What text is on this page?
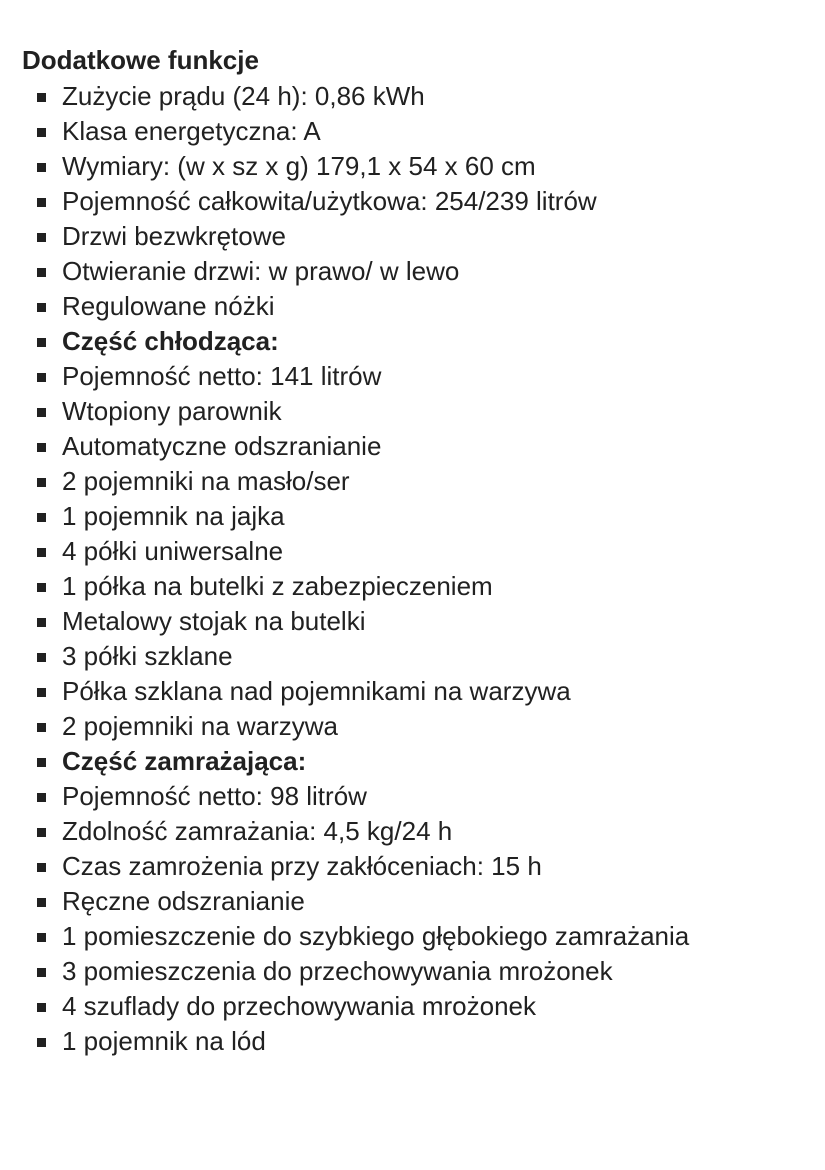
Dodatkowe funkcje
Zużycie prądu (24 h): 0,86 kWh
Klasa energetyczna: A
Wymiary: (w x sz x g) 179,1 x 54 x 60 cm
Pojemność całkowita/użytkowa: 254/239 litrów
Drzwi bezwkrętowe
Otwieranie drzwi: w prawo/ w lewo
Regulowane nóżki
Część chłodząca:
Pojemność netto: 141 litrów
Wtopiony parownik
Automatyczne odszranianie
2 pojemniki na masło/ser
1 pojemnik na jajka
4 półki uniwersalne
1 półka na butelki z zabezpieczeniem
Metalowy stojak na butelki
3 półki szklane
Półka szklana nad pojemnikami na warzywa
2 pojemniki na warzywa
Część zamrażająca:
Pojemność netto: 98 litrów
Zdolność zamrażania: 4,5 kg/24 h
Czas zamrożenia przy zakłóceniach: 15 h
Ręczne odszranianie
1 pomieszczenie do szybkiego głębokiego zamrażania
3 pomieszczenia do przechowywania mrożonek
4 szuflady do przechowywania mrożonek
1 pojemnik na lód
